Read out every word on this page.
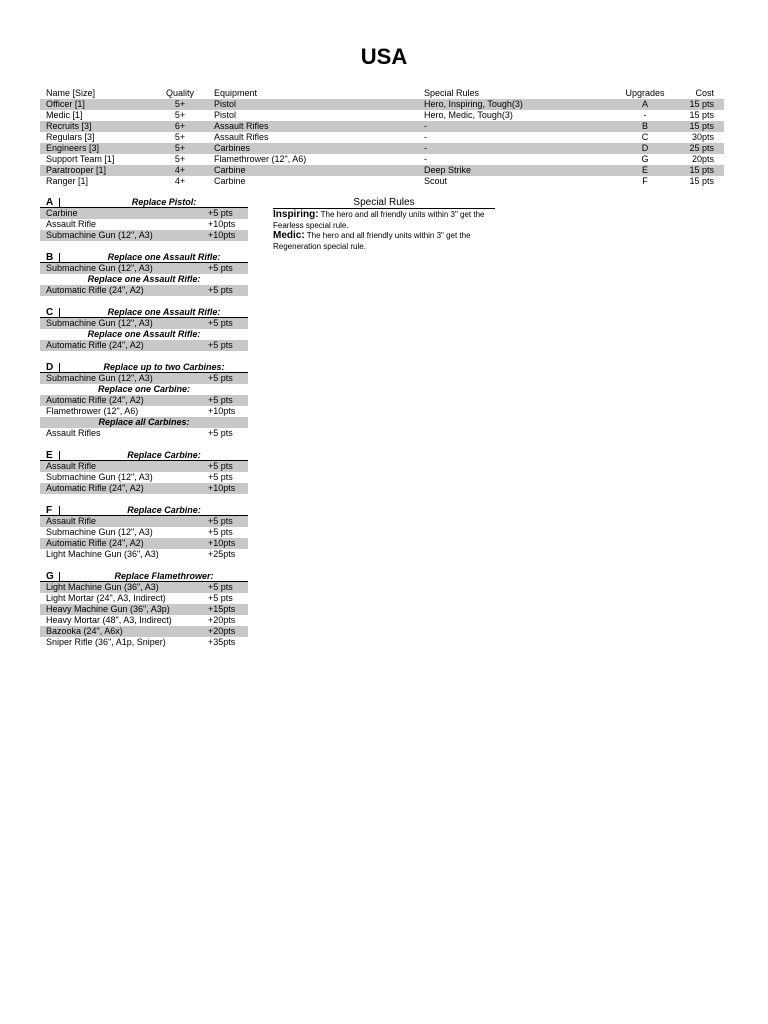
USA
Name [Size]	Quality	Equipment	Special Rules	Upgrades	Cost
Officer [1]	5+	Pistol	Hero, Inspiring, Tough(3)	A	15 pts
Medic [1]	5+	Pistol	Hero, Medic, Tough(3)	-	15 pts
Recruits [3]	6+	Assault Rifles	-	B	15 pts
Regulars [3]	5+	Assault Rifles	-	C	30pts
Engineers [3]	5+	Carbines	-	D	25 pts
Support Team [1]	5+	Flamethrower (12", A6)	-	G	20pts
Paratrooper [1]	4+	Carbine	Deep Strike	E	15 pts
Ranger [1]	4+	Carbine	Scout	F	15 pts
A	Replace Pistol:
Carbine	+5 pts
Assault Rifle	+10pts
Submachine Gun (12", A3)	+10pts
B	Replace one Assault Rifle:
Submachine Gun (12", A3)	+5 pts
Replace one Assault Rifle:
Automatic Rifle (24", A2)	+5 pts
C	Replace one Assault Rifle:
Submachine Gun (12", A3)	+5 pts
Replace one Assault Rifle:
Automatic Rifle (24", A2)	+5 pts
D	Replace up to two Carbines:
Submachine Gun (12", A3)	+5 pts
Replace one Carbine:
Automatic Rifle (24", A2)	+5 pts
Flamethrower (12", A6)	+10pts
Replace all Carbines:
Assault Rifles	+5 pts
E	Replace Carbine:
Assault Rifle	+5 pts
Submachine Gun (12", A3)	+5 pts
Automatic Rifle (24", A2)	+10pts
F	Replace Carbine:
Assault Rifle	+5 pts
Submachine Gun (12", A3)	+5 pts
Automatic Rifle (24", A2)	+10pts
Light Machine Gun (36", A3)	+25pts
G	Replace Flamethrower:
Light Machine Gun (36", A3)	+5 pts
Light Mortar (24", A3, Indirect)	+5 pts
Heavy Machine Gun (36", A3p)	+15pts
Heavy Mortar (48", A3, Indirect)	+20pts
Bazooka (24", A6x)	+20pts
Sniper Rifle (36", A1p, Sniper)	+35pts
Special Rules
Inspiring: The hero and all friendly units within 3" get the Fearless special rule.
Medic: The hero and all friendly units within 3" get the Regeneration special rule.
